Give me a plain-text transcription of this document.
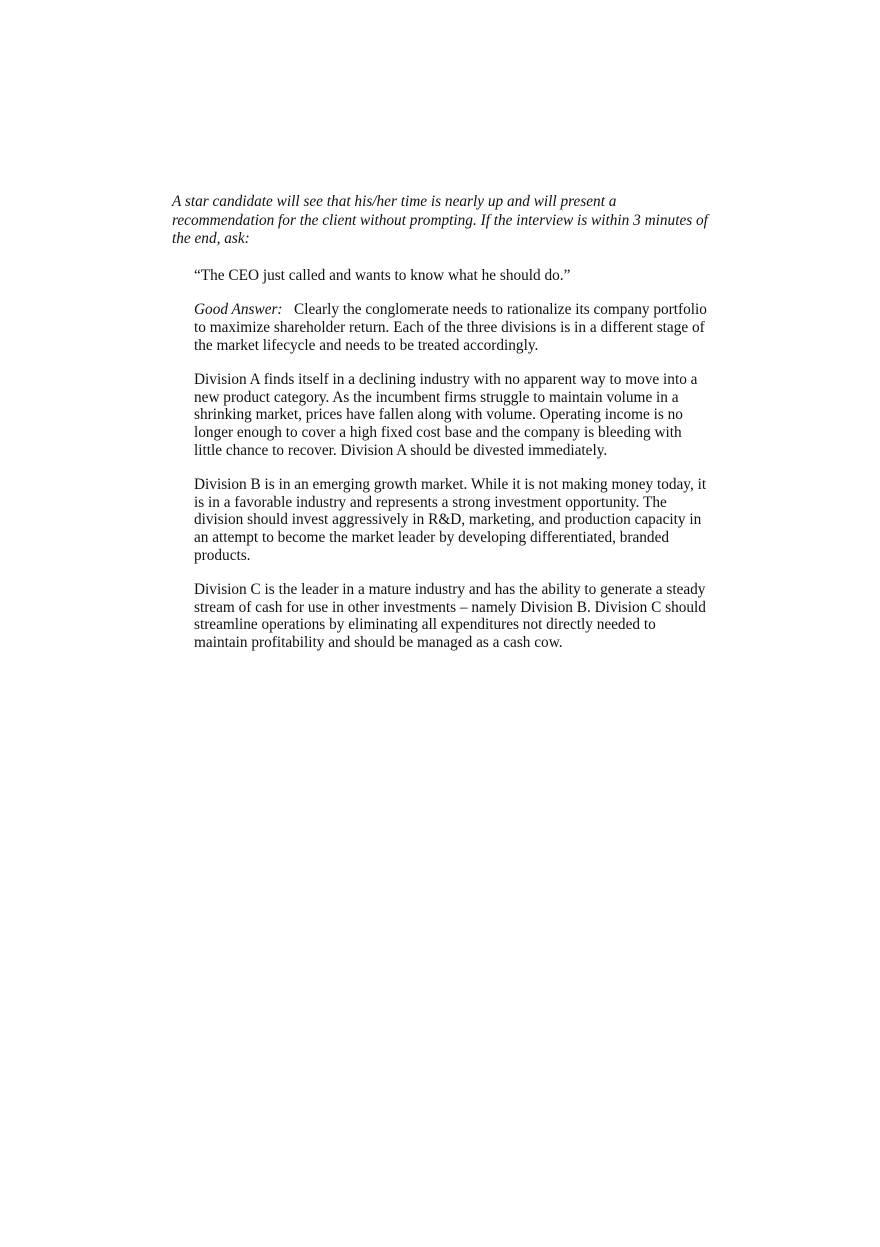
A star candidate will see that his/her time is nearly up and will present a recommendation for the client without prompting. If the interview is within 3 minutes of the end, ask:

“The CEO just called and wants to know what he should do.”

Good Answer: Clearly the conglomerate needs to rationalize its company portfolio to maximize shareholder return. Each of the three divisions is in a different stage of the market lifecycle and needs to be treated accordingly.

Division A finds itself in a declining industry with no apparent way to move into a new product category. As the incumbent firms struggle to maintain volume in a shrinking market, prices have fallen along with volume. Operating income is no longer enough to cover a high fixed cost base and the company is bleeding with little chance to recover. Division A should be divested immediately.

Division B is in an emerging growth market. While it is not making money today, it is in a favorable industry and represents a strong investment opportunity. The division should invest aggressively in R&D, marketing, and production capacity in an attempt to become the market leader by developing differentiated, branded products.

Division C is the leader in a mature industry and has the ability to generate a steady stream of cash for use in other investments – namely Division B. Division C should streamline operations by eliminating all expenditures not directly needed to maintain profitability and should be managed as a cash cow.
